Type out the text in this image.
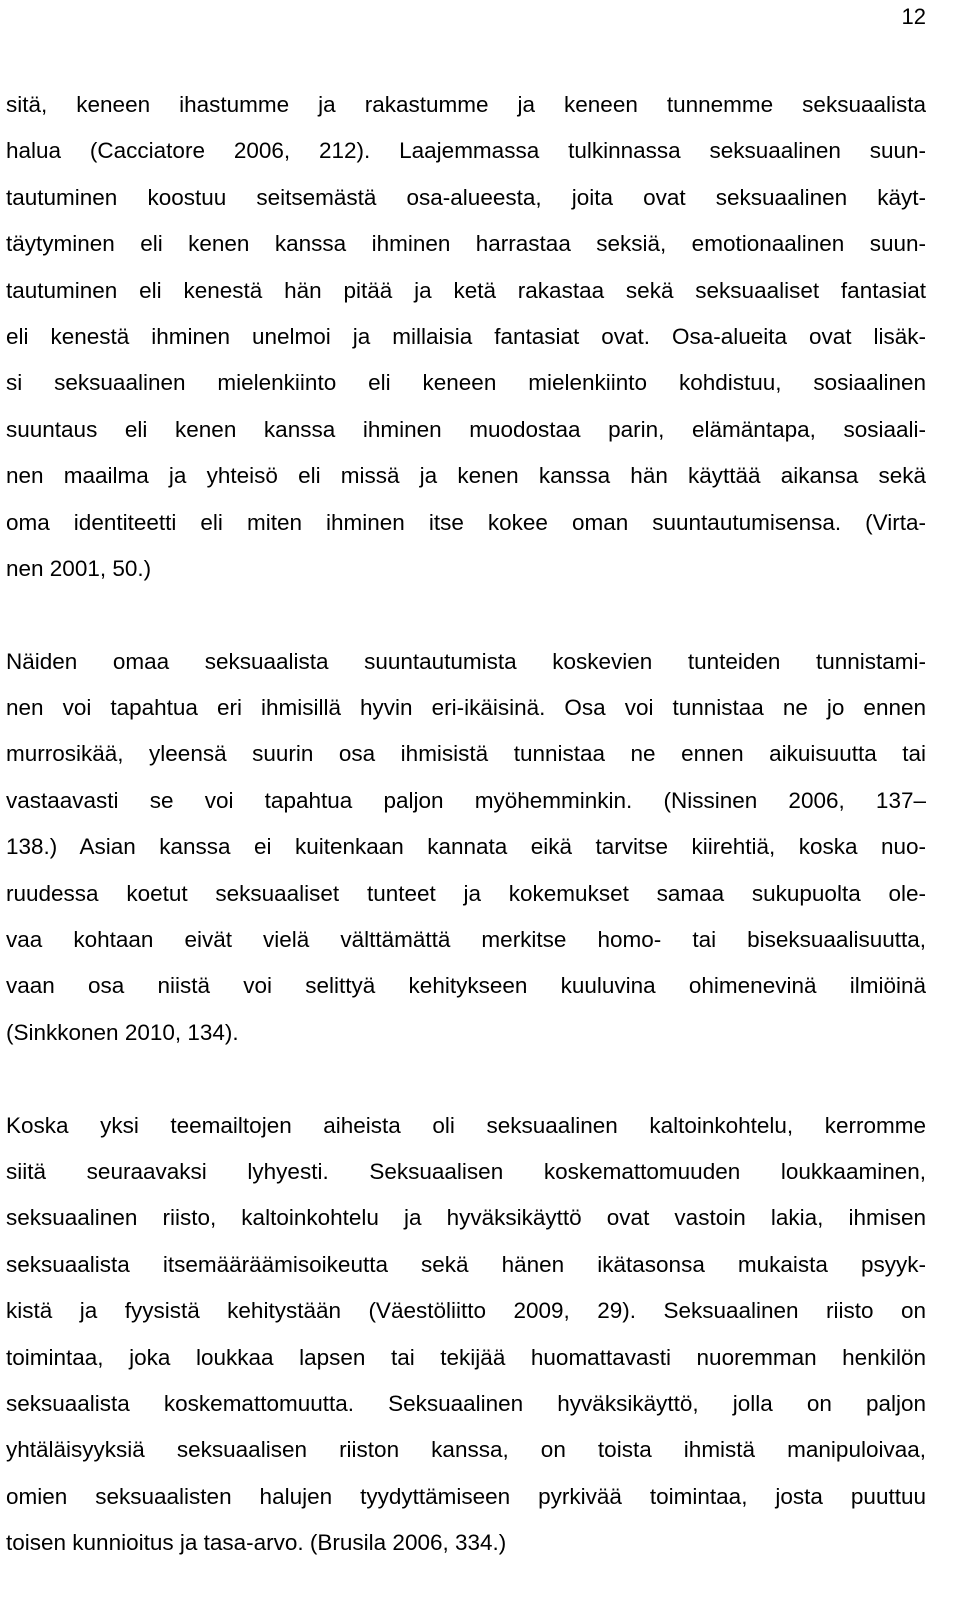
12
sitä, keneen ihastumme ja rakastumme ja keneen tunnemme seksuaalista
halua (Cacciatore 2006, 212). Laajemmassa tulkinnassa seksuaalinen suun-
tautuminen koostuu seitsemästä osa-alueesta, joita ovat seksuaalinen käyt-
täytyminen eli kenen kanssa ihminen harrastaa seksiä, emotionaalinen suun-
tautuminen eli kenestä hän pitää ja ketä rakastaa sekä seksuaaliset fantasiat
eli kenestä ihminen unelmoi ja millaisia fantasiat ovat. Osa-alueita ovat lisäk-
si seksuaalinen mielenkiinto eli keneen mielenkiinto kohdistuu, sosiaalinen
suuntaus eli kenen kanssa ihminen muodostaa parin, elämäntapa, sosiaali-
nen maailma ja yhteisö eli missä ja kenen kanssa hän käyttää aikansa sekä
oma identiteetti eli miten ihminen itse kokee oman suuntautumisensa. (Virta-
nen 2001, 50.)
Näiden omaa seksuaalista suuntautumista koskevien tunteiden tunnistami-
nen voi tapahtua eri ihmisillä hyvin eri-ikäisinä. Osa voi tunnistaa ne jo ennen
murrosikää, yleensä suurin osa ihmisistä tunnistaa ne ennen aikuisuutta tai
vastaavasti se voi tapahtua paljon myöhemminkin. (Nissinen 2006, 137–
138.) Asian kanssa ei kuitenkaan kannata eikä tarvitse kiirehtiä, koska nuo-
ruudessa koetut seksuaaliset tunteet ja kokemukset samaa sukupuolta ole-
vaa kohtaan eivät vielä välttämättä merkitse homo- tai biseksuaalisuutta,
vaan osa niistä voi selittyä kehitykseen kuuluvina ohimenevinä ilmiöinä
(Sinkkonen 2010, 134).
Koska yksi teemailtojen aiheista oli seksuaalinen kaltoinkohtelu, kerromme
siitä seuraavaksi lyhyesti. Seksuaalisen koskemattomuuden loukkaaminen,
seksuaalinen riisto, kaltoinkohtelu ja hyväksikäyttö ovat vastoin lakia, ihmisen
seksuaalista itsemääräämisoikeutta sekä hänen ikätasonsa mukaista psyyk-
kistä ja fyysistä kehitystään (Väestöliitto 2009, 29). Seksuaalinen riisto on
toimintaa, joka loukkaa lapsen tai tekijää huomattavasti nuoremman henkilön
seksuaalista koskemattomuutta. Seksuaalinen hyväksikäyttö, jolla on paljon
yhtäläisyyksiä seksuaalisen riiston kanssa, on toista ihmistä manipuloivaa,
omien seksuaalisten halujen tyydyttämiseen pyrkivää toimintaa, josta puuttuu
toisen kunnioitus ja tasa-arvo. (Brusila 2006, 334.)
